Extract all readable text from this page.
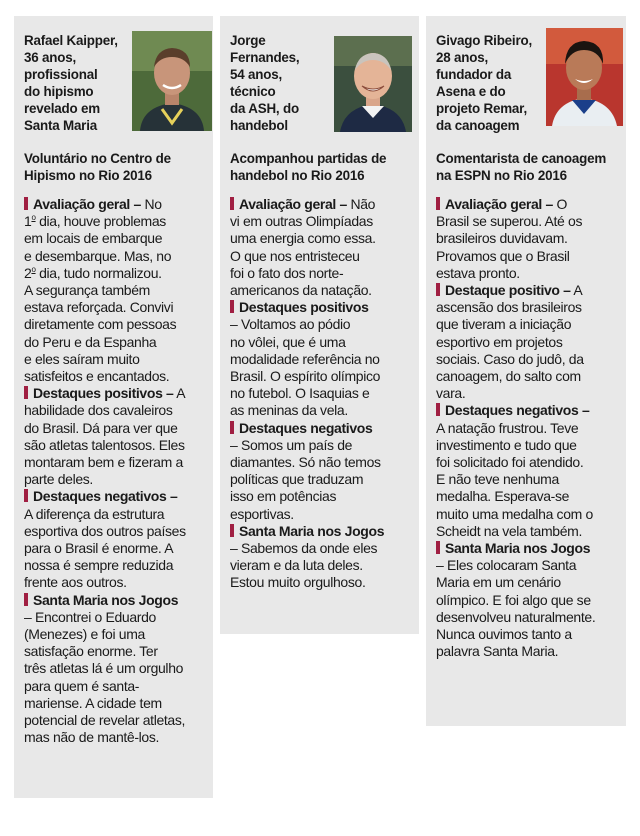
Rafael Kaipper,
36 anos,
profissional
do hipismo
revelado em
Santa Maria
Voluntário no Centro de
Hipismo no Rio 2016
Avaliação geral – No
1$^o$ dia, houve problemas
em locais de embarque
e desembarque. Mas, no
2$^o$ dia, tudo normalizou.
A segurança também
estava reforçada. Convivi
diretamente com pessoas
do Peru e da Espanha
e eles saíram muito
satisfeitos e encantados.
Destaques positivos – A
habilidade dos cavaleiros
do Brasil. Dá para ver que
são atletas talentosos. Eles
montaram bem e fizeram a
parte deles.
Destaques negativos –
A diferença da estrutura
esportiva dos outros países
para o Brasil é enorme. A
nossa é sempre reduzida
frente aos outros.
Santa Maria nos Jogos
– Encontrei o Eduardo
(Menezes) e foi uma
satisfação enorme. Ter
três atletas lá é um orgulho
para quem é santa-
mariense. A cidade tem
potencial de revelar atletas,
mas não de mantê-los.
Jorge
Fernandes,
54 anos,
técnico
da ASH, do
handebol
Acompanhou partidas de
handebol no Rio 2016
Avaliação geral – Não
vi em outras Olimpíadas
uma energia como essa.
O que nos entristeceu
foi o fato dos norte-
americanos da natação.
Destaques positivos
– Voltamos ao pódio
no vôlei, que é uma
modalidade referência no
Brasil. O espírito olímpico
no futebol. O Isaquias e
as meninas da vela.
Destaques negativos
– Somos um país de
diamantes. Só não temos
políticas que traduzam
isso em potências
esportivas.
Santa Maria nos Jogos
– Sabemos da onde eles
vieram e da luta deles.
Estou muito orgulhoso.
Givago Ribeiro,
28 anos,
fundador da
Asena e do
projeto Remar,
da canoagem
Comentarista de canoagem
na ESPN no Rio 2016
Avaliação geral – O
Brasil se superou. Até os
brasileiros duvidavam.
Provamos que o Brasil
estava pronto.
Destaque positivo – A
ascensão dos brasileiros
que tiveram a iniciação
esportivo em projetos
sociais. Caso do judô, da
canoagem, do salto com
vara.
Destaques negativos –
A natação frustrou. Teve
investimento e tudo que
foi solicitado foi atendido.
E não teve nenhuma
medalha. Esperava-se
muito uma medalha com o
Scheidt na vela também.
Santa Maria nos Jogos
– Eles colocaram Santa
Maria em um cenário
olímpico. E foi algo que se
desenvolveu naturalmente.
Nunca ouvimos tanto a
palavra Santa Maria.
